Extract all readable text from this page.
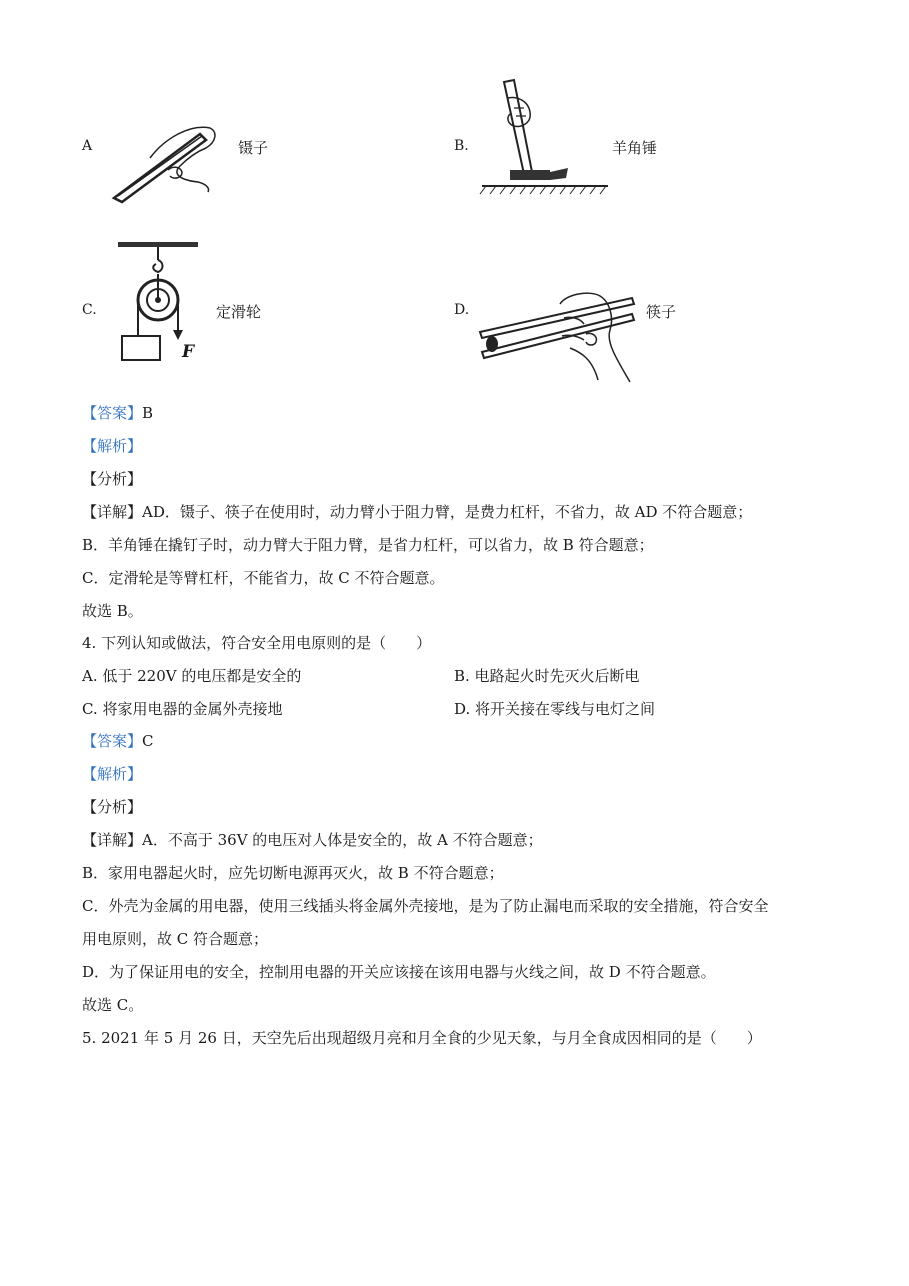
A	镊子	B.	羊角锤
C.
F
定滑轮	D.	筷子
【答案】B
【解析】
【分析】
【详解】AD．镊子、筷子在使用时，动力臂小于阻力臂，是费力杠杆，不省力，故 AD 不符合题意；
B．羊角锤在撬钉子时，动力臂大于阻力臂，是省力杠杆，可以省力，故 B 符合题意；
C．定滑轮是等臂杠杆，不能省力，故 C 不符合题意。
故选 B。
4. 下列认知或做法，符合安全用电原则的是（　　）
A. 低于 220V 的电压都是安全的	B. 电路起火时先灭火后断电
C. 将家用电器的金属外壳接地	D. 将开关接在零线与电灯之间
【答案】C
【解析】
【分析】
【详解】A．不高于 36V 的电压对人体是安全的，故 A 不符合题意；
B．家用电器起火时，应先切断电源再灭火，故 B 不符合题意；
C．外壳为金属的用电器，使用三线插头将金属外壳接地，是为了防止漏电而采取的安全措施，符合安全
用电原则，故 C 符合题意；
D．为了保证用电的安全，控制用电器的开关应该接在该用电器与火线之间，故 D 不符合题意。
故选 C。
5. 2021 年 5 月 26 日，天空先后出现超级月亮和月全食的少见天象，与月全食成因相同的是（　　）
